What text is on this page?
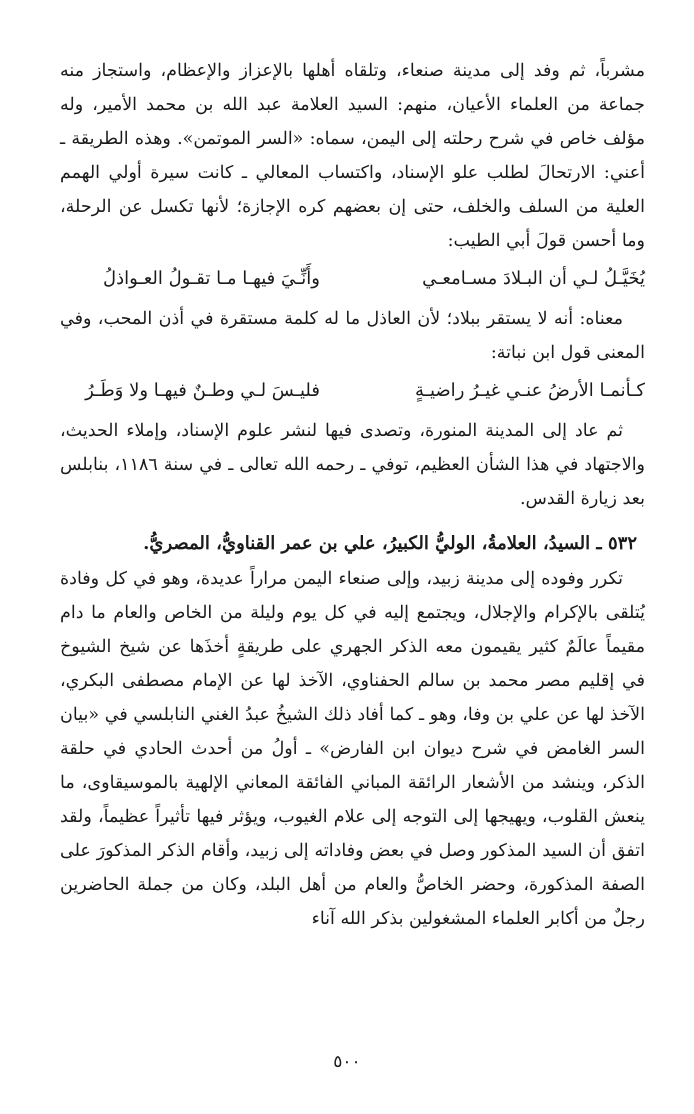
مشرباً، ثم وفد إلى مدينة صنعاء، وتلقاه أهلها بالإعزاز والإعظام، واستجاز منه جماعة من العلماء الأعيان، منهم: السيد العلامة عبد الله بن محمد الأمير، وله مؤلف خاص في شرح رحلته إلى اليمن، سماه: «السر الموتمن». وهذه الطريقة ـ أعني: الارتحالَ لطلب علو الإسناد، واكتساب المعالي ـ كانت سيرة أولي الهمم العلية من السلف والخلف، حتى إن بعضهم كره الإجازة؛ لأنها تكسل عن الرحلة، وما أحسن قولَ أبي الطيب:

يُخَيَّـلُ لـي أن البـلادَ مسـامعـي
وأَنِّـيَ فيهـا مـا تقـولُ العـواذلُ

معناه: أنه لا يستقر ببلاد؛ لأن العاذل ما له كلمة مستقرة في أذن المحب، وفي المعنى قول ابن نباتة:

كـأنمـا الأرضُ عنـي غيـرُ راضيـةٍ
فليـسَ لـي وطـنٌ فيهـا ولا وَطَـرُ

ثم عاد إلى المدينة المنورة، وتصدى فيها لنشر علوم الإسناد، وإملاء الحديث، والاجتهاد في هذا الشأن العظيم، توفي ـ رحمه الله تعالى ـ في سنة ١١٨٦، بنابلس بعد زيارة القدس.

٥٣٢ ـ السيدُ، العلامةُ، الوليُّ الكبيرُ، علي بن عمر القناويُّ، المصريُّ.

تكرر وفوده إلى مدينة زبيد، وإلى صنعاء اليمن مراراً عديدة، وهو في كل وفادة يُتلقى بالإكرام والإجلال، ويجتمع إليه في كل يوم وليلة من الخاص والعام ما دام مقيماً عالَمٌ كثير يقيمون معه الذكر الجهري على طريقةٍ أخذَها عن شيخ الشيوخ في إقليم مصر محمد بن سالم الحفناوي، الآخذ لها عن الإمام مصطفى البكري، الآخذ لها عن علي بن وفا، وهو ـ كما أفاد ذلك الشيخُ عبدُ الغني النابلسي في «بيان السر الغامض في شرح ديوان ابن الفارض» ـ أولُ من أحدث الحادي في حلقة الذكر، وينشد من الأشعار الرائقة المباني الفائقة المعاني الإلهية بالموسيقاوى، ما ينعش القلوب، ويهيجها إلى التوجه إلى علام الغيوب، ويؤثر فيها تأثيراً عظيماً، ولقد اتفق أن السيد المذكور وصل في بعض وفاداته إلى زبيد، وأقام الذكر المذكورَ على الصفة المذكورة، وحضر الخاصُّ والعام من أهل البلد، وكان من جملة الحاضرين رجلٌ من أكابر العلماء المشغولين بذكر الله آناء

٥٠٠
